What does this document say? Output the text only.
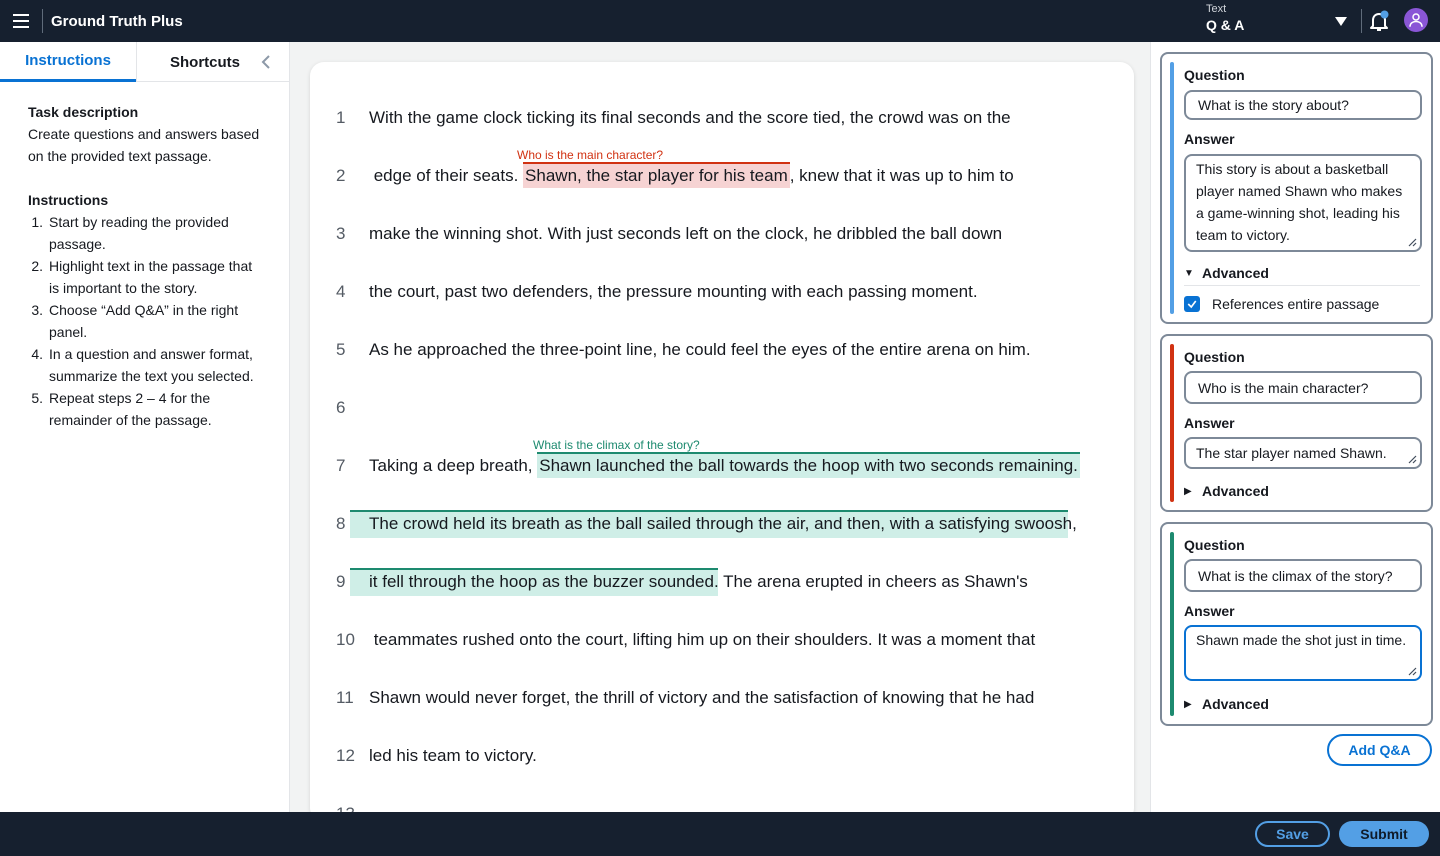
Ground Truth Plus
Text
Q & A
Instructions	Shortcuts
Task description
Create questions and answers based on the provided text passage.
Instructions
1. Start by reading the provided passage.
2. Highlight text in the passage that is important to the story.
3. Choose “Add Q&A” in the right panel.
4. In a question and answer format, summarize the text you selected.
5. Repeat steps 2 – 4 for the remainder of the passage.
1	With the game clock ticking its final seconds and the score tied, the crowd was on the
Who is the main character?
2	edge of their seats. Shawn, the star player for his team , knew that it was up to him to
3	make the winning shot. With just seconds left on the clock, he dribbled the ball down
4	the court, past two defenders, the pressure mounting with each passing moment.
5	As he approached the three-point line, he could feel the eyes of the entire arena on him.
6
What is the climax of the story?
7	Taking a deep breath, Shawn launched the ball towards the hoop with two seconds remaining.
8	The crowd held its breath as the ball sailed through the air, and then, with a satisfying swoosh,
9	it fell through the hoop as the buzzer sounded. The arena erupted in cheers as Shawn's
10 teammates rushed onto the court, lifting him up on their shoulders. It was a moment that
11 Shawn would never forget, the thrill of victory and the satisfaction of knowing that he had
12 led his team to victory.
Question
What is the story about?
Answer
This story is about a basketball player named Shawn who makes a game-winning shot, leading his team to victory.
▼ Advanced
References entire passage
Question
Who is the main character?
Answer
The star player named Shawn.
▶ Advanced
Question
What is the climax of the story?
Answer
Shawn made the shot just in time.
▶ Advanced
Add Q&A
Save	Submit
